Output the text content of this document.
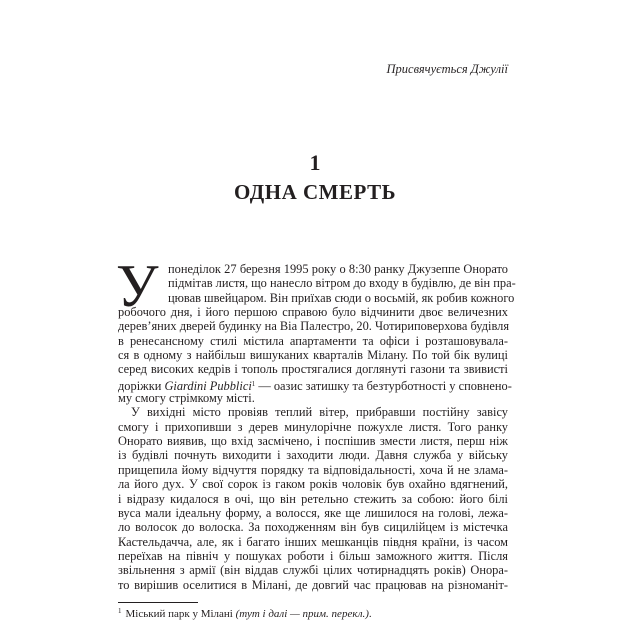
Присвячується Джулії
1
ОДНА СМЕРТЬ
У понеділок 27 березня 1995 року о 8:30 ранку Джузеппе Онорато
підмітав листя, що нанесло вітром до входу в будівлю, де він пра-
цював швейцаром. Він приїхав сюди о восьмій, як робив кожного
робочого дня, і його першою справою було відчинити двоє величезних
дерев’яних дверей будинку на Віа Палестро, 20. Чотириповерхова будівля
в ренесансному стилі містила апартаменти та офіси і розташовувала-
ся в одному з найбільш вишуканих кварталів Мілану. По той бік вулиці
серед високих кедрів і тополь простягалися доглянуті газони та звивисті
доріжки Giardini Pubblici$^1$ — оазис затишку та безтурботності у сповнено-
му смогу стрімкому місті.
У вихідні місто провіяв теплий вітер, прибравши постійну завісу
смогу і прихопивши з дерев минулорічне пожухле листя. Того ранку
Онорато виявив, що вхід засмічено, і поспішив змести листя, перш ніж
із будівлі почнуть виходити і заходити люди. Давня служба у війську
прищепила йому відчуття порядку та відповідальності, хоча й не злама-
ла його дух. У свої сорок із гаком років чоловік був охайно вдягнений,
і відразу кидалося в очі, що він ретельно стежить за собою: його білі
вуса мали ідеальну форму, а волосся, яке ще лишилося на голові, лежа-
ло волосок до волоска. За походженням він був сицилійцем із містечка
Кастельдачча, але, як і багато інших мешканців півдня країни, із часом
переїхав на північ у пошуках роботи і більш заможного життя. Після
звільнення з армії (він віддав службі цілих чотирнадцять років) Онора-
то вирішив оселитися в Мілані, де довгий час працював на різноманіт-
$^1$ Міський парк у Мілані (тут і далі — прим. перекл.).
